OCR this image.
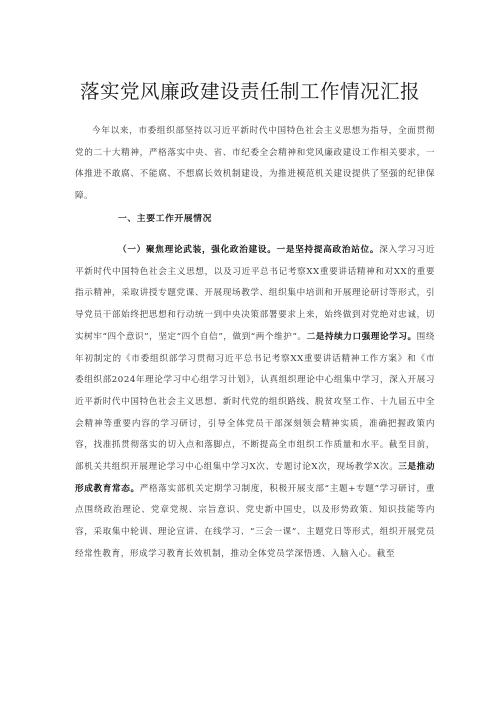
落实党风廉政建设责任制工作情况汇报

今年以来，市委组织部坚持以习近平新时代中国特色社会主义思想为指导，全面贯彻党的二十大精神，严格落实中央、省、市纪委全会精神和党风廉政建设工作相关要求，一体推进不敢腐、不能腐、不想腐长效机制建设，为推进模范机关建设提供了坚强的纪律保障。

一、主要工作开展情况

（一）聚焦理论武装，强化政治建设。一是坚持提高政治站位。深入学习习近平新时代中国特色社会主义思想，以及习近平总书记考察XX重要讲话精神和对XX的重要指示精神，采取讲授专题党课、开展现场教学、组织集中培训和开展理论研讨等形式，引导党员干部始终把思想和行动统一到中央决策部署要求上来，始终做到对党绝对忠诚，切实树牢“四个意识”，坚定“四个自信”，做到“两个维护”。二是持续力口强理论学习。围绕年初制定的《市委组织部学习贯彻习近平总书记考察XX重要讲话精神工作方案》和《市委组织部2024年理论学习中心组学习计划》，认真组织理论中心组集中学习，深入开展习近平新时代中国特色社会主义思想、新时代党的组织路线、脱贫攻坚工作、十九届五中全会精神等重要内容的学习研讨，引导全体党员干部深刻领会精神实质，准确把握政策内容，找准抓贯彻落实的切入点和落脚点，不断提高全市组织工作质量和水平。截至目前，部机关共组织开展理论学习中心组集中学习X次、专题讨论X次，现场教学X次。三是推动形成教育常态。严格落实部机关定期学习制度，积极开展支部“主题+专题”学习研讨，重点围绕政治理论、党章党规、宗旨意识、党史新中国史，以及形势政策、知识技能等内容，采取集中轮训、理论宣讲、在线学习、“三会一课”、主题党日等形式，组织开展党员经常性教育，形成学习教育长效机制，推动全体党员学深悟透、入脑入心。截至
